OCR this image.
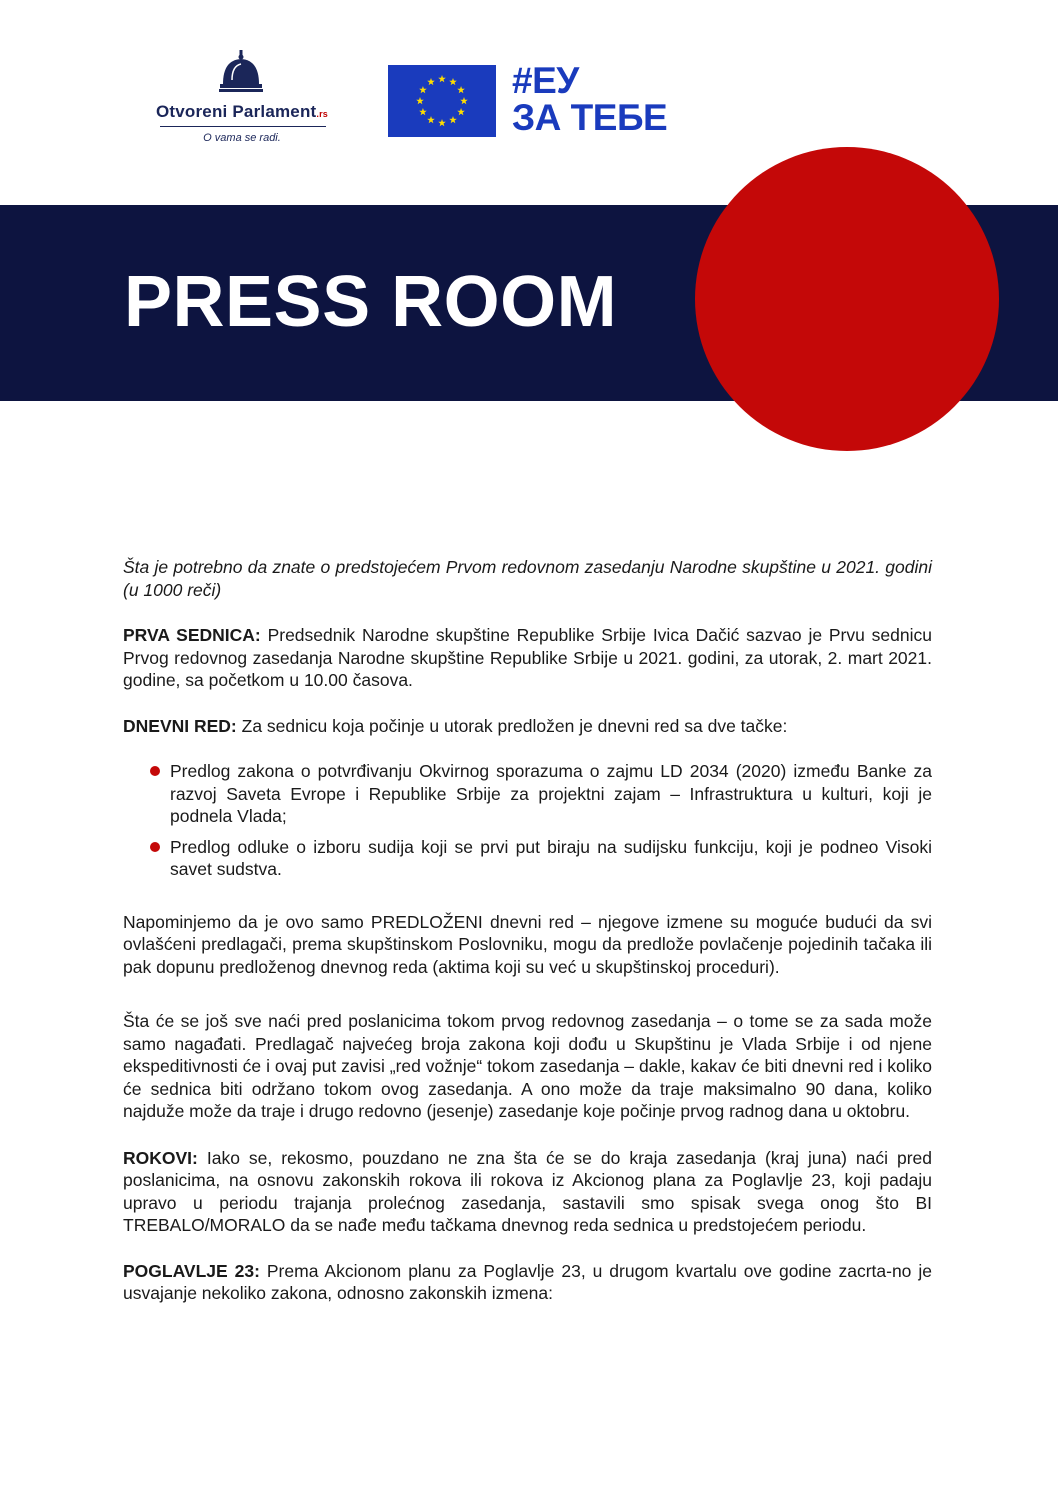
Otvoreni Parlament.rs
O vama se radi.
#ЕУ
ЗА ТЕБЕ
PRESS ROOM

Šta je potrebno da znate o predstojećem Prvom redovnom zasedanju Narodne skupštine u 2021. godini (u 1000 reči)

PRVA SEDNICA: Predsednik Narodne skupštine Republike Srbije Ivica Dačić sazvao je Prvu sednicu Prvog redovnog zasedanja Narodne skupštine Republike Srbije u 2021. godini, za utorak, 2. mart 2021. godine, sa početkom u 10.00 časova.

DNEVNI RED: Za sednicu koja počinje u utorak predložen je dnevni red sa dve tačke:

Predlog zakona o potvrđivanju Okvirnog sporazuma o zajmu LD 2034 (2020) između Banke za razvoj Saveta Evrope i Republike Srbije za projektni zajam – Infrastruktura u kulturi, koji je podnela Vlada;
Predlog odluke o izboru sudija koji se prvi put biraju na sudijsku funkciju, koji je podneo Visoki savet sudstva.

Napominjemo da je ovo samo PREDLOŽENI dnevni red – njegove izmene su moguće budući da svi ovlašćeni predlagači, prema skupštinskom Poslovniku, mogu da predlože povlačenje pojedinih tačaka ili pak dopunu predloženog dnevnog reda (aktima koji su već u skupštinskoj proceduri).

Šta će se još sve naći pred poslanicima tokom prvog redovnog zasedanja – o tome se za sada može samo nagađati. Predlagač najvećeg broja zakona koji dođu u Skupštinu je Vlada Srbije i od njene ekspeditivnosti će i ovaj put zavisi „red vožnje“ tokom zasedanja – dakle, kakav će biti dnevni red i koliko će sednica biti održano tokom ovog zasedanja. A ono može da traje maksimalno 90 dana, koliko najduže može da traje i drugo redovno (jesenje) zasedanje koje počinje prvog radnog dana u oktobru.

ROKOVI: Iako se, rekosmo, pouzdano ne zna šta će se do kraja zasedanja (kraj juna) naći pred poslanicima, na osnovu zakonskih rokova ili rokova iz Akcionog plana za Poglavlje 23, koji padaju upravo u periodu trajanja prolećnog zasedanja, sastavili smo spisak svega onog što BI TREBALO/MORALO da se nađe među tačkama dnevnog reda sednica u predstojećem periodu.

POGLAVLJE 23: Prema Akcionom planu za Poglavlje 23, u drugom kvartalu ove godine zacrta-no je usvajanje nekoliko zakona, odnosno zakonskih izmena:
